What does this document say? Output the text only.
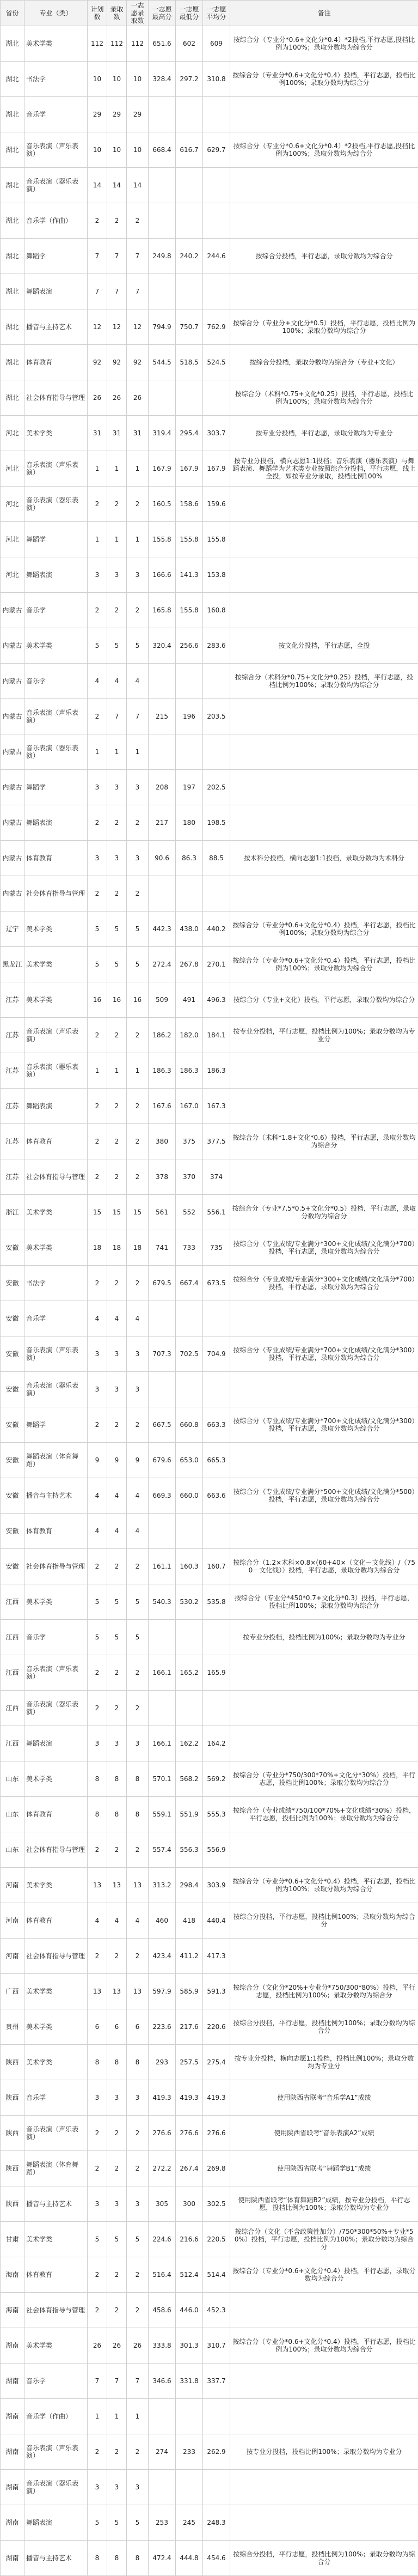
省份	专业（类）	计划数	录取数	一志愿录取数	一志愿最高分	一志愿最低分	一志愿平均分	备注
湖北	美术学类	112	112	112	651.6	602	609	按综合分（专业分*0.6+文化分*0.4）*2投档,平行志愿,投档比例为100%；录取分数均为综合分
湖北	书法学	10	10	10	328.4	297.2	310.8	按综合分（专业分*0.6+文化分*0.4）投档，平行志愿，投档比例100%；录取分数均为综合分
湖北	音乐学	29	29	29				
湖北	音乐表演（声乐表演）	10	10	10	668.4	616.7	629.7	按综合分（专业分*0.6+文化分*0.4）*2投档,平行志愿,投档比例为100%；录取分数均为综合分
湖北	音乐表演（器乐表演）	14	14	14				
湖北	音乐学（作曲）	2	2	2				
湖北	舞蹈学	7	7	7	249.8	240.2	244.6	按综合分投档，平行志愿，录取分数均为综合分
湖北	舞蹈表演	7	7	7				
湖北	播音与主持艺术	12	12	12	794.9	750.7	762.9	按综合分（专业分+文化分*0.5）投档，平行志愿，投档比例为100%；录取分数均为综合分
湖北	体育教育	92	92	92	544.5	518.5	524.5	按综合分投档，录取分数均为综合分（专业+文化）
湖北	社会体育指导与管理	26	26	26				按综合分（术科*0.75+文化*0.25）投档，平行志愿，投档比例为100%；录取分数均为综合分
河北	美术学类	31	31	31	319.4	295.4	303.7	按专业分投档，平行志愿，录取分数均为专业分
河北	音乐表演（声乐表演）	1	1	1	167.9	167.9	167.9	按专业分投档，横向志愿1:1投档；音乐表演（器乐表演）与舞蹈表演、舞蹈学为艺术类专业按照综合分投档，平行志愿，线上全投，如按专业分录取，投档比例100%
河北	音乐表演（器乐表演）	2	2	2	160.5	158.6	159.6	
河北	舞蹈学	1	1	1	155.8	155.8	155.8	
河北	舞蹈表演	3	3	3	166.6	141.3	153.8	
内蒙古	音乐学	2	2	2	165.8	155.8	160.8	
内蒙古	美术学类	5	5	5	320.4	256.6	283.6	按文化分投档，平行志愿，全投
内蒙古	音乐学	4	4	4				按综合分（术科分*0.75+文化分*0.25）投档，平行志愿，投档比例为100%；录取分数均为综合分
内蒙古	音乐表演（声乐表演）	2	7	7	215	196	203.5	
内蒙古	音乐表演（器乐表演）	1	1	1				
内蒙古	舞蹈学	3	3	3	208	197	202.5	
内蒙古	舞蹈表演	2	2	2	217	180	198.5	
内蒙古	体育教育	3	3	3	90.6	86.3	88.5	按术科分投档，横向志愿1:1投档，录取分数均为术科分
内蒙古	社会体育指导与管理	2	2	2				
辽宁	美术学类	5	5	5	442.3	438.0	440.2	按综合分（专业分*0.6+文化分*0.4）投档，平行志愿，投档比例100%；录取分数均为综合分
黑龙江	美术学类	5	5	5	272.4	267.8	270.1	按综合分（专业分*0.6+文化分*0.4）投档，平行志愿，投档比例为100%；录取分数均为综合分
江苏	美术学类	16	16	16	509	491	496.3	按综合分（专业+文化）投档，平行志愿，录取分数均为综合分
江苏	音乐表演（声乐表演）	2	2	2	186.2	182.0	184.1	按专业分投档，平行志愿，投档比例为100%；录取分数均为专业分
江苏	音乐表演（器乐表演）	1	1	1	186.3	186.3	186.3	
江苏	舞蹈表演	2	2	2	167.6	167.0	167.3	
江苏	体育教育	2	2	2	380	375	377.5	按综合分（术科*1.8+文化*0.6）投档，平行志愿，录取分数均为综合分
江苏	社会体育指导与管理	2	2	2	378	370	374	
浙江	美术学类	15	15	15	561	552	556.1	按综合分（专业*7.5*0.5+文化分*0.5）投档，平行志愿，录取分数均为综合分
安徽	美术学类	18	18	18	741	733	735	按综合分（专业成绩/专业满分*300+文化成绩/文化满分*700）投档，平行志愿，录取分数均为综合分
安徽	书法学	2	2	2	679.5	667.4	673.5	按综合分（专业成绩/专业满分*300+文化成绩/文化满分*700）投档，平行志愿，录取分数均为综合分
安徽	音乐学	4	4	4				
安徽	音乐表演（声乐表演）	3	3	3	707.3	702.5	704.9	按综合分（专业成绩/专业满分*700+文化成绩/文化满分*300）投档，平行志愿，录取分数均为综合分
安徽	音乐表演（器乐表演）	3	3	3				
安徽	舞蹈学	2	2	2	667.5	660.8	663.3	按综合分（专业成绩/专业满分*700+文化成绩/文化满分*300）投档，平行志愿，录取分数均为综合分
安徽	舞蹈表演（体育舞蹈）	9	9	9	679.6	653.0	665.3	
安徽	播音与主持艺术	4	4	4	669.3	660.0	663.6	按综合分（专业成绩/专业满分*500+文化成绩/文化满分*500）投档，平行志愿，录取分数均为综合分
安徽	体育教育	4	4	4				
安徽	社会体育指导与管理	2	2	2	161.1	160.3	160.7	按综合分（1.2×术科×0.8×(60+40×（文化－文化线）/（750－文化线））投档，平行志愿，录取分数均为综合分
江西	美术学类	5	5	5	540.3	530.2	535.8	按综合分（专业分*450*0.7+文化分*0.3）投档，平行志愿，投档比例100%；录取分数均为综合分
江西	音乐学	5	5	5				按专业分投档，投档比例为100%；录取分数均为专业分
江西	音乐表演（声乐表演）	2	2	2	166.1	165.2	165.9	
江西	音乐表演（器乐表演）	2	2	2				
江西	舞蹈表演	3	3	3	166.1	162.2	164.2	
山东	美术学类	8	8	8	570.1	568.2	569.2	按综合分（专业分*750/300*70%+文化分*30%）投档，平行志愿，投档比例100%；录取分数均为综合分
山东	体育教育	8	8	8	559.1	551.9	555.3	按综合分（专业成绩*750/100*70%+文化成绩*30%）投档，平行志愿，投档比例为100%；录取分数均为综合分
山东	社会体育指导与管理	2	2	2	557.4	556.3	556.9	
河南	美术学类	13	13	13	313.2	298.4	303.9	按综合分（专业分*0.6+文化分*0.4）投档，平行志愿，投档比例为100%；录取分数均为综合分
河南	体育教育	4	4	4	460	418	440.4	按综合分投档，平行志愿，投档比例100%；录取分数均为综合分
河南	社会体育指导与管理	2	2	2	423.4	411.2	417.3	
广西	美术学类	13	13	13	597.9	585.9	591.3	按综合分（文化分*20%+专业分*750/300*80%）投档，平行志愿，投档比例为100%；录取分数均为综合分
贵州	美术学类	6	6	6	223.6	217.6	220.6	按综合分投档，平行志愿，投档比例为100%；录取分数均为综合分
陕西	美术学类	8	8	8	293	257.5	275.4	按专业分投档，横向志愿1:1投档，投档比例100%；录取分数均为专业分
陕西	音乐学	3	3	3	419.3	419.3	419.3	使用陕西省联考“音乐学A1”成绩
陕西	音乐表演（声乐表演）	2	2	2	276.6	276.6	276.6	使用陕西省联考“音乐表演A2”成绩
陕西	舞蹈表演（体育舞蹈）	2	2	2	272.2	267.4	269.8	使用陕西省联考“舞蹈学B1”成绩
陕西	播音与主持艺术	3	3	3	305	300	302.5	使用陕西省联考“体育舞蹈B2”成绩，按专业分投档，平行志愿，投档比例为100%；录取分数均为专业分
甘肃	美术学类	5	5	5	224.6	216.6	220.5	按综合分（文化（不含政策性加分）/750*300*50%+专业*50%）投档，平行志愿，投档比例为100%；录取分数均为综合分
海南	体育教育	2	2	2	516.4	512.4	514.4	按综合分（专业分*0.6+文化分*0.4）投档，平行志愿，录取分数均为综合分
海南	社会体育指导与管理	2	2	2	458.6	446.0	452.3	
湖南	美术学类	26	26	26	333.8	301.3	310.7	按综合分（专业分*0.6+文化分*0.4）投档，平行志愿，投档比例为100%；录取分数均为综合分
湖南	音乐学	7	7	7	346.6	331.8	337.7	
湖南	音乐学（作曲）	1	1	1				
湖南	音乐表演（声乐表演）	2	2	2	274	233	262.9	按专业分投档，投档比例100%；录取分数均为专业分
湖南	音乐表演（器乐表演）	3	3	3				
湖南	舞蹈表演	5	5	5	253	245	248.3	
湖南	播音与主持艺术	8	8	8	472.4	444.8	454.6	按综合分投档，平行志愿，投档比例为100%；录取分数均为综合分
